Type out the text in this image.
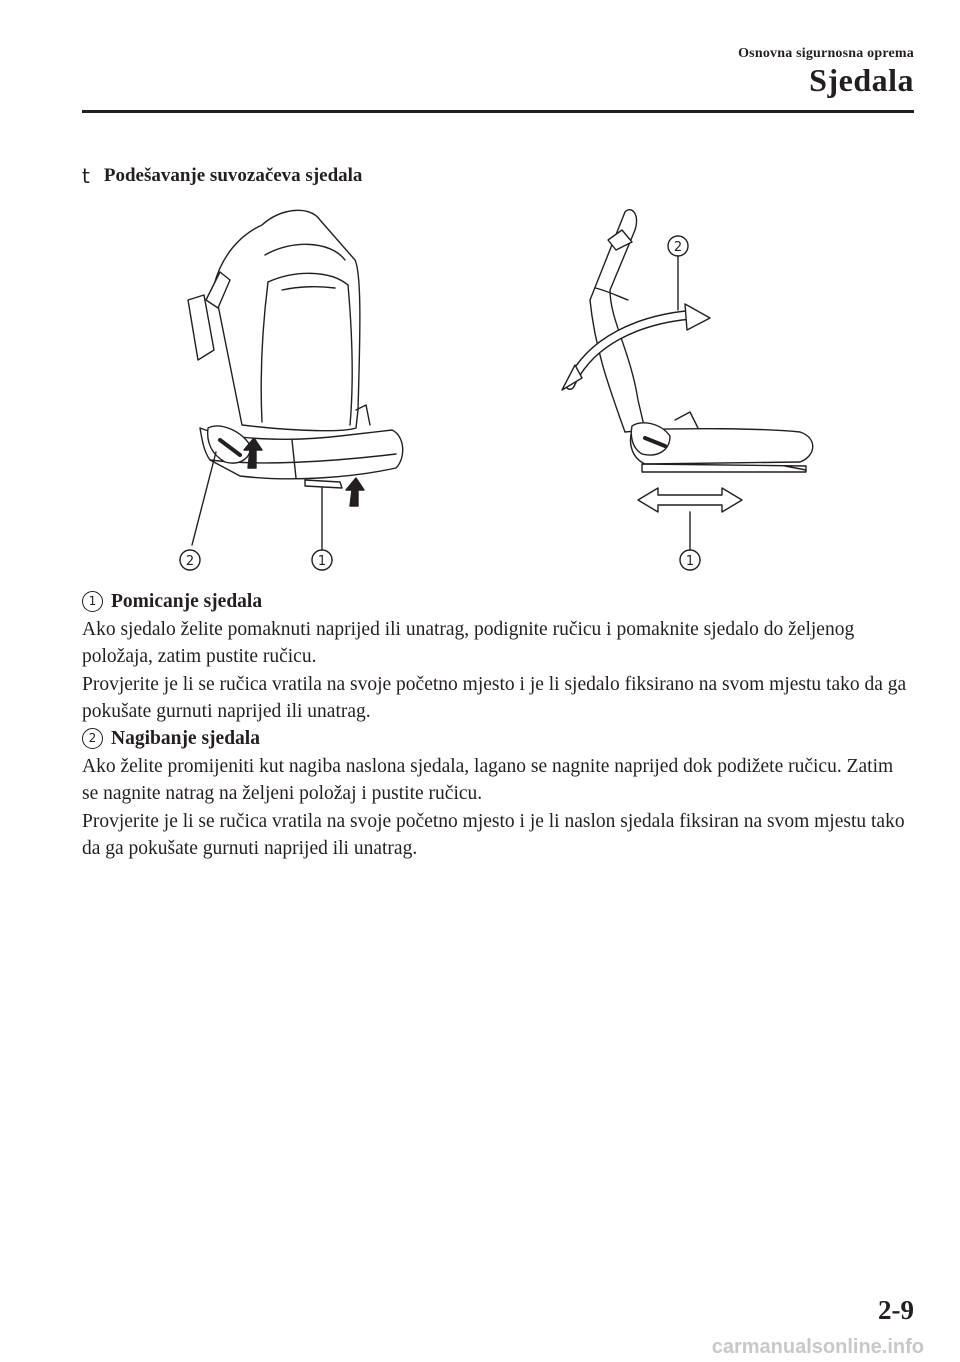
Osnovna sigurnosna oprema
Sjedala
t Podešavanje suvozačeva sjedala
2	1	1
2
1 Pomicanje sjedala

Ako sjedalo želite pomaknuti naprijed ili unatrag, podignite ručicu i pomaknite sjedalo do željenog položaja, zatim pustite ručicu.

Provjerite je li se ručica vratila na svoje početno mjesto i je li sjedalo fiksirano na svom mjestu tako da ga pokušate gurnuti naprijed ili unatrag.

2 Nagibanje sjedala

Ako želite promijeniti kut nagiba naslona sjedala, lagano se nagnite naprijed dok podižete ručicu. Zatim se nagnite natrag na željeni položaj i pustite ručicu.

Provjerite je li se ručica vratila na svoje početno mjesto i je li naslon sjedala fiksiran na svom mjestu tako da ga pokušate gurnuti naprijed ili unatrag.

2-9
carmanualsonline.info
